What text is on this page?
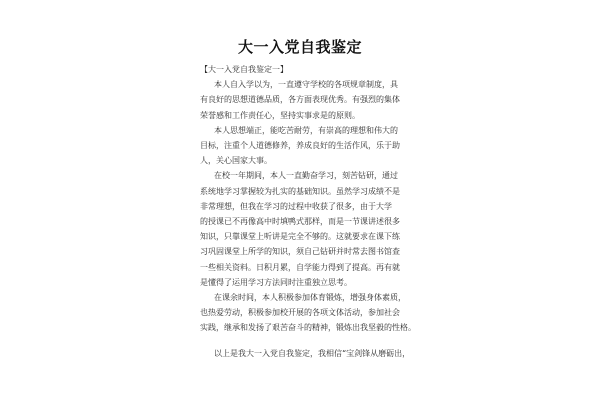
大一入党自我鉴定
【大一入党自我鉴定一】
本人自入学以为，一直遵守学校的各项规章制度，具
有良好的思想道德品质，各方面表现优秀。有强烈的集体
荣誉感和工作责任心，坚持实事求是的原则。
本人思想端正，能吃苦耐劳，有崇高的理想和伟大的
目标，注重个人道德修养，养成良好的生活作风，乐于助
人，关心国家大事。
在校一年期间，本人一直勤奋学习，刻苦钻研，通过
系统地学习掌握较为扎实的基础知识。虽然学习成绩不是
非常理想，但我在学习的过程中收获了很多，由于大学
的授课已不再像高中时填鸭式那样，而是一节课讲述很多
知识，只靠课堂上听讲是完全不够的。这就要求在课下练
习巩固课堂上所学的知识，须自己钻研并时常去图书馆查
一些相关资料。日积月累，自学能力得到了提高。再有就
是懂得了运用学习方法同时注重独立思考。
在课余时间，本人积极参加体育锻炼，增强身体素质，
也热爱劳动，积极参加校开展的各项文体活动，参加社会
实践，继承和发扬了艰苦奋斗的精神，锻炼出我坚毅的性格。
以上是我大一入党自我鉴定，我相信“宝剑锋从磨砺出，
